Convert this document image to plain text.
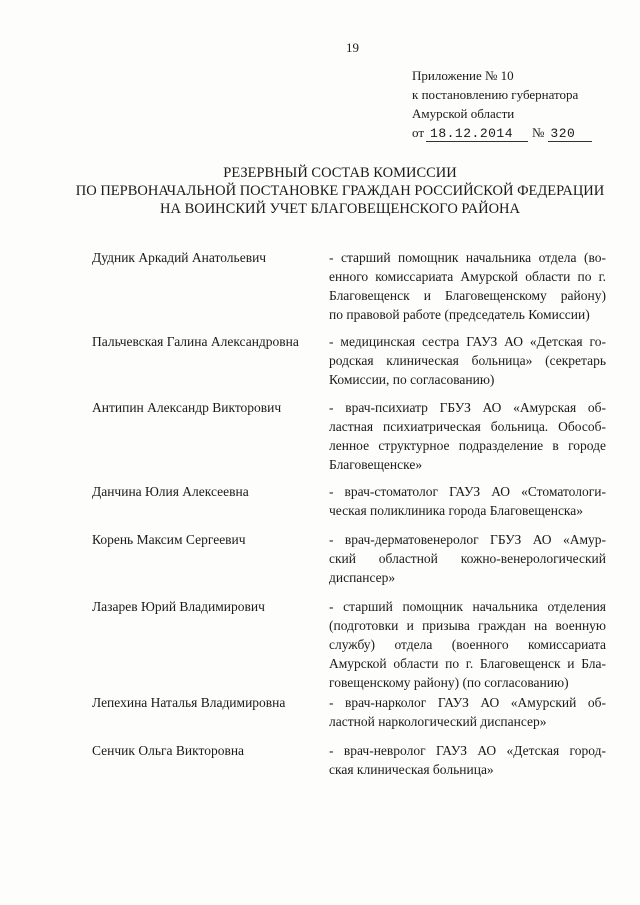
19
Приложение № 10
к постановлению губернатора
Амурской области
от 18.12.2014 № 320
РЕЗЕРВНЫЙ СОСТАВ КОМИССИИ
ПО ПЕРВОНАЧАЛЬНОЙ ПОСТАНОВКЕ ГРАЖДАН РОССИЙСКОЙ ФЕДЕРАЦИИ
НА ВОИНСКИЙ УЧЕТ БЛАГОВЕЩЕНСКОГО РАЙОНА
Дудник Аркадий Анатольевич	- старший помощник начальника отдела (во-
енного комиссариата Амурской области по г.
Благовещенск и Благовещенскому району)
по правовой работе (председатель Комиссии)
Пальчевская Галина Александровна	- медицинская сестра ГАУЗ АО «Детская го-
родская клиническая больница» (секретарь
Комиссии, по согласованию)
Антипин Александр Викторович	- врач-психиатр ГБУЗ АО «Амурская об-
ластная психиатрическая больница. Обособ-
ленное структурное подразделение в городе
Благовещенске»
Данчина Юлия Алексеевна	- врач-стоматолог ГАУЗ АО «Стоматологи-
ческая поликлиника города Благовещенска»
Корень Максим Сергеевич	- врач-дерматовенеролог ГБУЗ АО «Амур-
ский областной кожно-венерологический
диспансер»
Лазарев Юрий Владимирович	- старший помощник начальника отделения
(подготовки и призыва граждан на военную
службу) отдела (военного комиссариата
Амурской области по г. Благовещенск и Бла-
говещенскому району) (по согласованию)
Лепехина Наталья Владимировна	- врач-нарколог ГАУЗ АО «Амурский об-
ластной наркологический диспансер»
Сенчик Ольга Викторовна	- врач-невролог ГАУЗ АО «Детская город-
ская клиническая больница»
